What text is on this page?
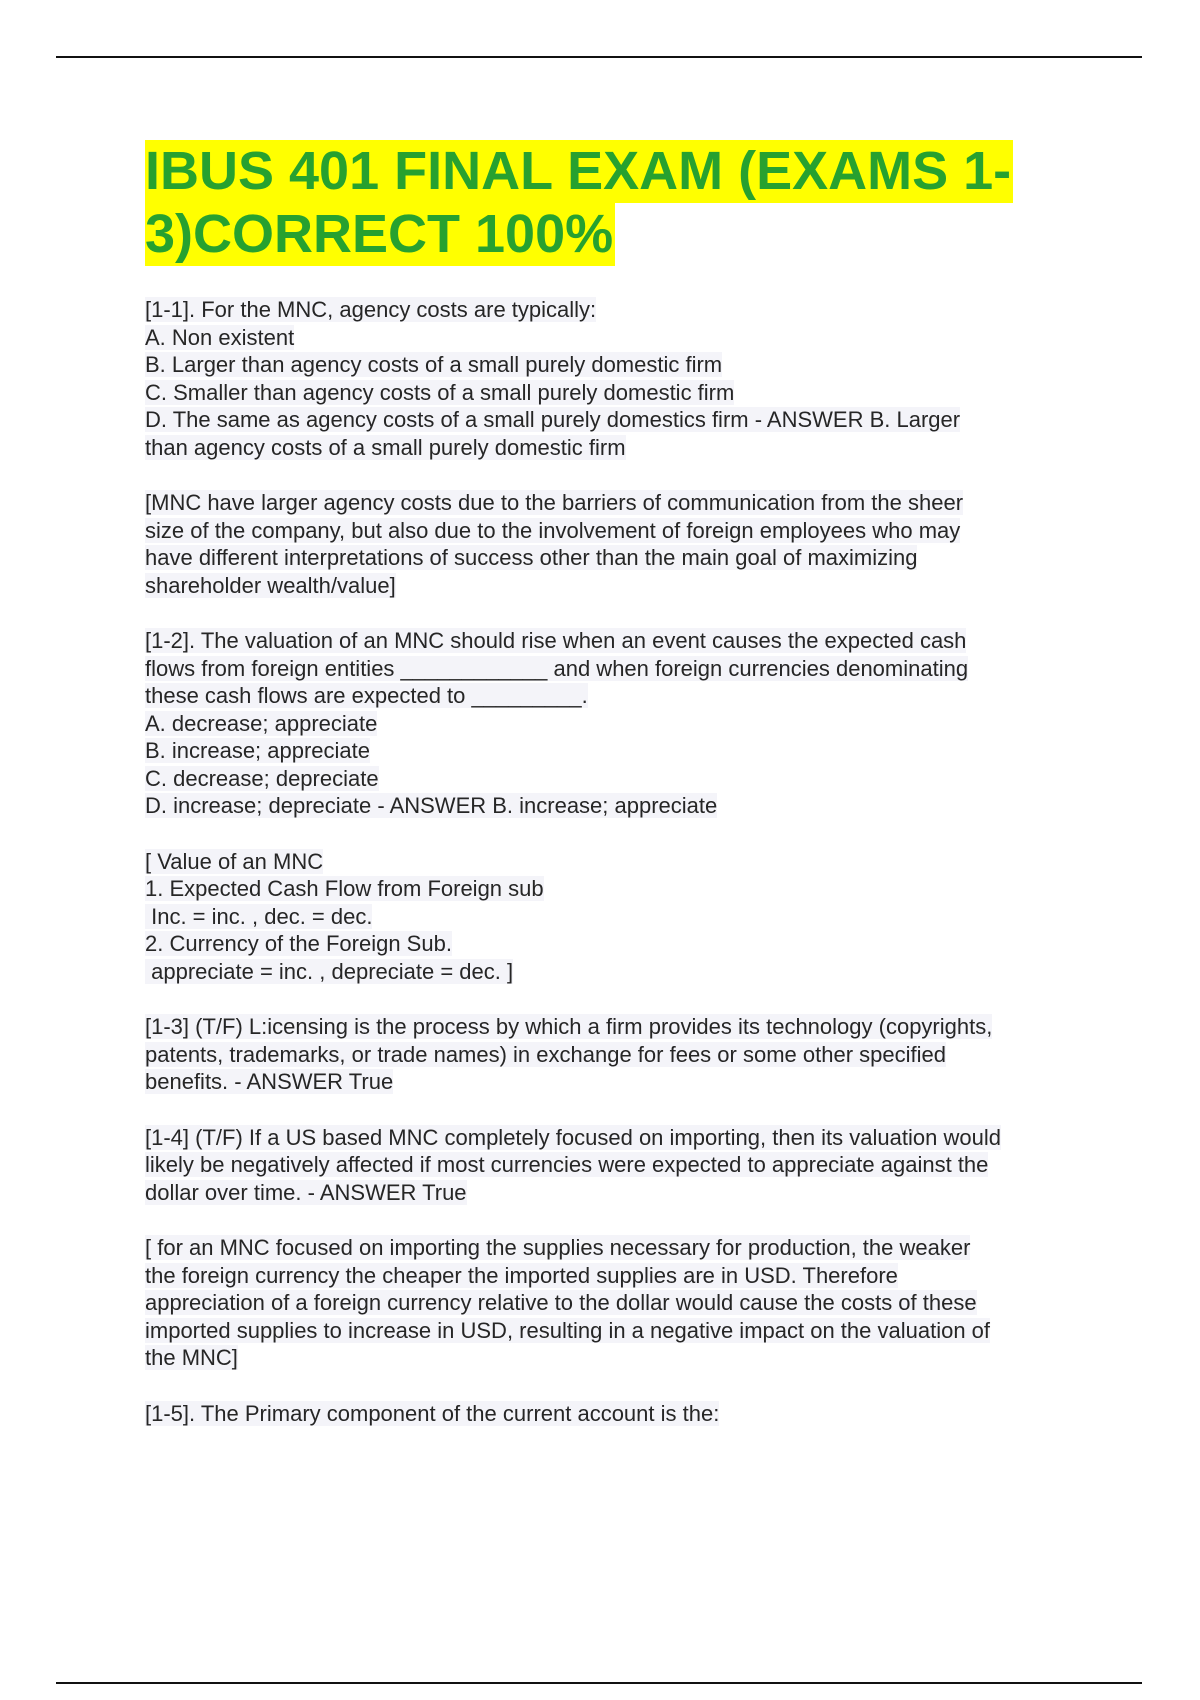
IBUS 401 FINAL EXAM (EXAMS 1-
3)CORRECT 100%
[1-1]. For the MNC, agency costs are typically:
A. Non existent
B. Larger than agency costs of a small purely domestic firm
C. Smaller than agency costs of a small purely domestic firm
D. The same as agency costs of a small purely domestics firm - ANSWER B. Larger
than agency costs of a small purely domestic firm
[MNC have larger agency costs due to the barriers of communication from the sheer
size of the company, but also due to the involvement of foreign employees who may
have different interpretations of success other than the main goal of maximizing
shareholder wealth/value]
[1-2]. The valuation of an MNC should rise when an event causes the expected cash
flows from foreign entities ____________ and when foreign currencies denominating
these cash flows are expected to _________.
A. decrease; appreciate
B. increase; appreciate
C. decrease; depreciate
D. increase; depreciate - ANSWER B. increase; appreciate
[ Value of an MNC
1. Expected Cash Flow from Foreign sub
Inc. = inc. , dec. = dec.
2. Currency of the Foreign Sub.
appreciate = inc. , depreciate = dec. ]
[1-3] (T/F) L:icensing is the process by which a firm provides its technology (copyrights,
patents, trademarks, or trade names) in exchange for fees or some other specified
benefits. - ANSWER True
[1-4] (T/F) If a US based MNC completely focused on importing, then its valuation would
likely be negatively affected if most currencies were expected to appreciate against the
dollar over time. - ANSWER True
[ for an MNC focused on importing the supplies necessary for production, the weaker
the foreign currency the cheaper the imported supplies are in USD. Therefore
appreciation of a foreign currency relative to the dollar would cause the costs of these
imported supplies to increase in USD, resulting in a negative impact on the valuation of
the MNC]
[1-5]. The Primary component of the current account is the:
